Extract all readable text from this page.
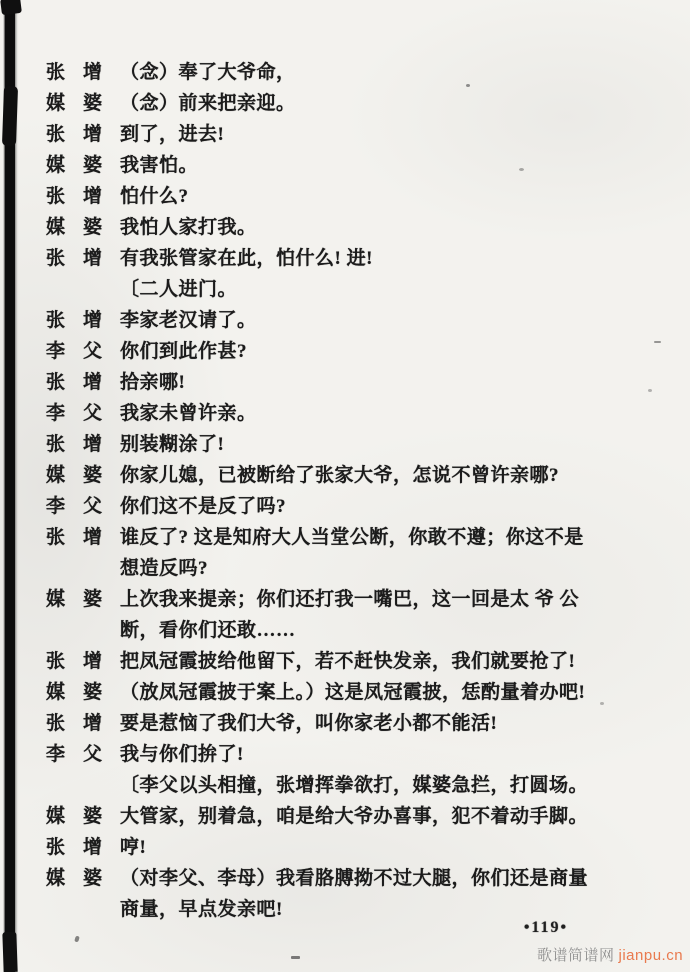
张 增 （念）奉了大爷命，
媒 婆 （念）前来把亲迎。
张 增 到了，进去!
媒 婆 我害怕。
张 增 怕什么?
媒 婆 我怕人家打我。
张 增 有我张管家在此，怕什么! 进!
〔二人进门。
张 增 李家老汉请了。
李 父 你们到此作甚?
张 增 拾亲哪!
李 父 我家未曾许亲。
张 增 别装糊涂了!
媒 婆 你家儿媳，已被断给了张家大爷，怎说不曾许亲哪?
李 父 你们这不是反了吗?
张 增 谁反了? 这是知府大人当堂公断，你敢不遵；你这不是
想造反吗?
媒 婆 上次我来提亲；你们还打我一嘴巴，这一回是太 爷 公
断，看你们还敢……
张 增 把凤冠霞披给他留下，若不赶快发亲，我们就要抢了!
媒 婆 （放凤冠霞披于案上。）这是凤冠霞披，恁酌量着办吧!
张 增 要是惹恼了我们大爷，叫你家老小都不能活!
李 父 我与你们拚了!
〔李父以头相撞，张增挥拳欲打，媒婆急拦，打圆场。
媒 婆 大管家，别着急，咱是给大爷办喜事，犯不着动手脚。
张 增 哼!
媒 婆 （对李父、李母）我看胳膊拗不过大腿，你们还是商量
商量，早点发亲吧!
•119•
歌谱简谱网 jianpu.cn
